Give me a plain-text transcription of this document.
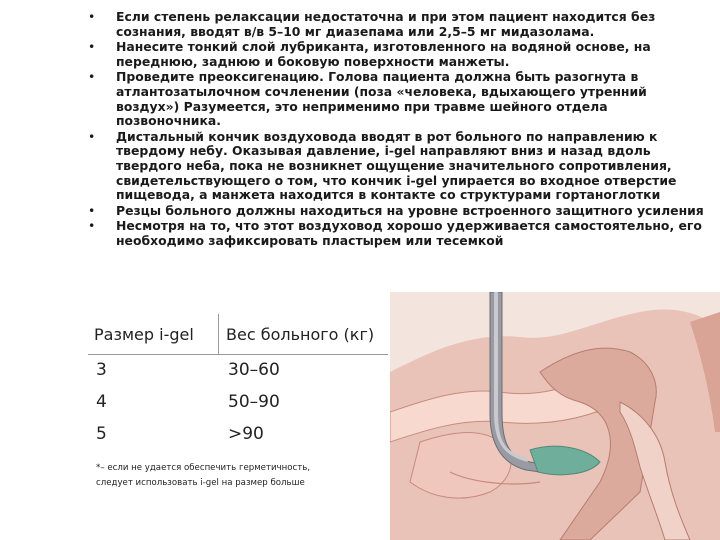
• Если степень релаксации недостаточна и при этом пациент находится без сознания, вводят в/в 5–10 мг диазепама или 2,5–5 мг мидазолама.
• Нанесите тонкий слой лубриканта, изготовленного на водяной основе, на переднюю, заднюю и боковую поверхности манжеты.
• Проведите преоксигенацию. Голова пациента должна быть разогнута в атлантозатылочном сочленении (поза «человека, вдыхающего утренний воздух») Разумеется, это неприменимо при травме шейного отдела позвоночника.
• Дистальный кончик воздуховода вводят в рот больного по направлению к твердому небу. Оказывая давление, i-gel направляют вниз и назад вдоль твердого неба, пока не возникнет ощущение значительного сопротивления, свидетельствующего о том, что кончик i-gel упирается во входное отверстие пищевода, а манжета находится в контакте со структурами гортаноглотки
• Резцы больного должны находиться на уровне встроенного защитного усиления
• Несмотря на то, что этот воздуховод хорошо удерживается самостоятельно, его необходимо зафиксировать пластырем или тесемкой
Размер i-gel	Вес больного (кг)
3	30–60
4	50–90
5	>90
*– если не удается обеспечить герметичность,
следует использовать i-gel на размер больше
